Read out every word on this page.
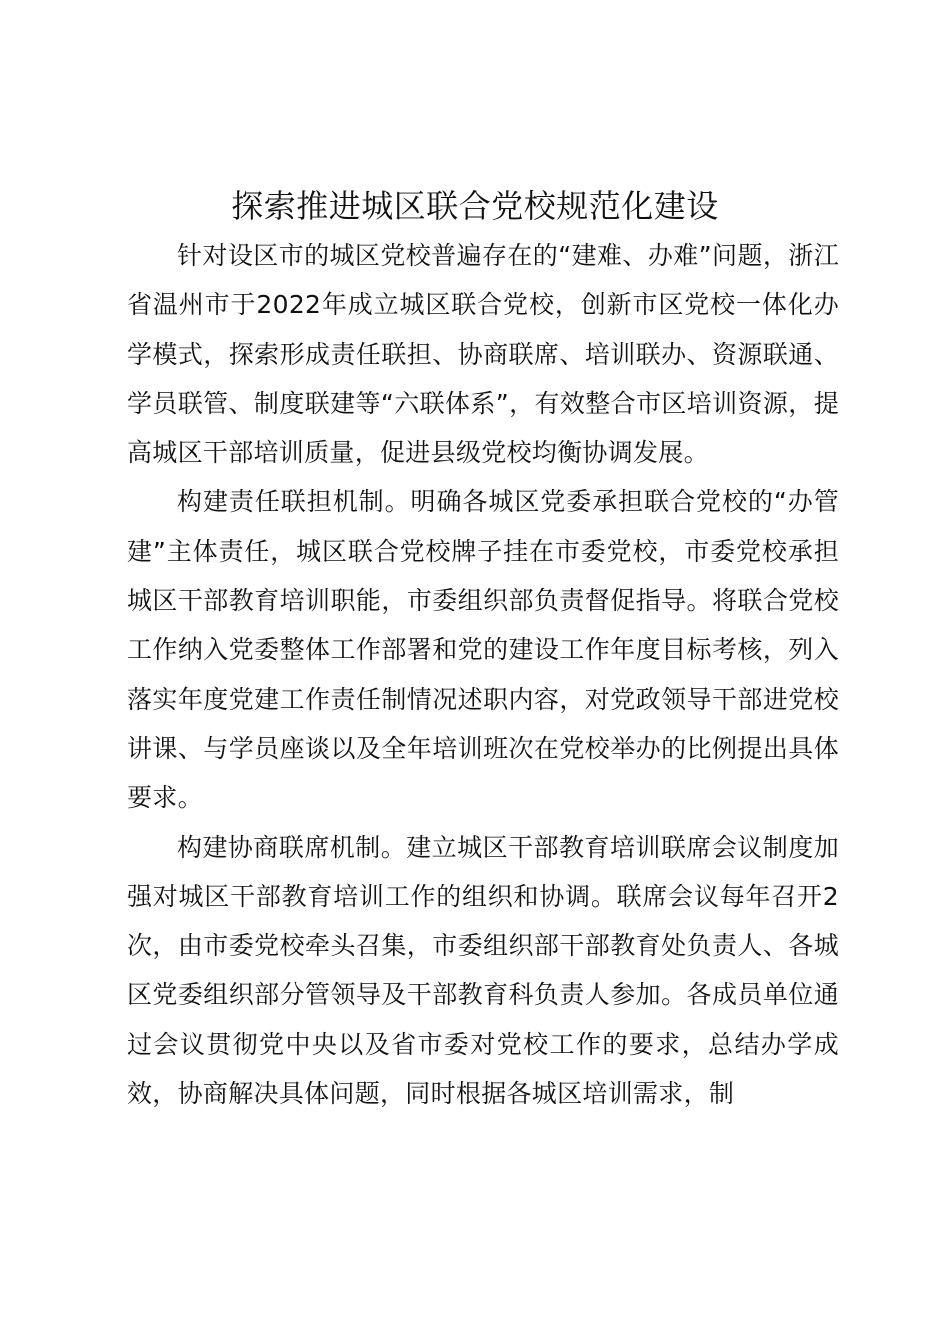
探索推进城区联合党校规范化建设

针对设区市的城区党校普遍存在的“建难、办难”问题，浙江省温州市于2022年成立城区联合党校，创新市区党校一体化办学模式，探索形成责任联担、协商联席、培训联办、资源联通、学员联管、制度联建等“六联体系”，有效整合市区培训资源，提高城区干部培训质量，促进县级党校均衡协调发展。

构建责任联担机制。明确各城区党委承担联合党校的“办管建”主体责任，城区联合党校牌子挂在市委党校，市委党校承担城区干部教育培训职能，市委组织部负责督促指导。将联合党校工作纳入党委整体工作部署和党的建设工作年度目标考核，列入落实年度党建工作责任制情况述职内容，对党政领导干部进党校讲课、与学员座谈以及全年培训班次在党校举办的比例提出具体要求。

构建协商联席机制。建立城区干部教育培训联席会议制度加强对城区干部教育培训工作的组织和协调。联席会议每年召开2次，由市委党校牵头召集，市委组织部干部教育处负责人、各城区党委组织部分管领导及干部教育科负责人参加。各成员单位通过会议贯彻党中央以及省市委对党校工作的要求，总结办学成效，协商解决具体问题，同时根据各城区培训需求，制
